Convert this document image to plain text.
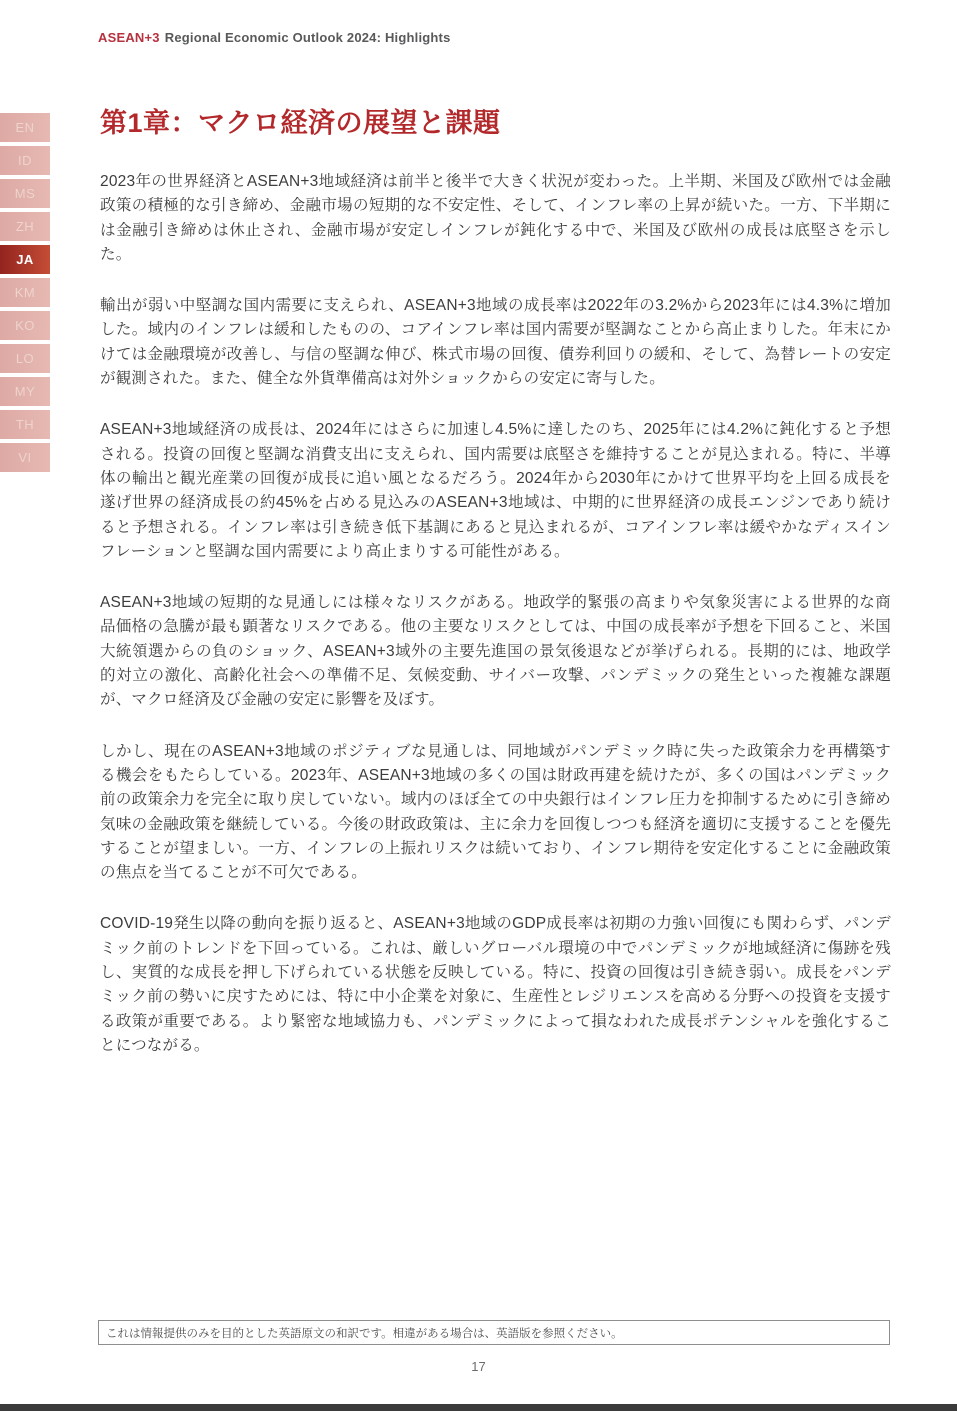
ASEAN+3 Regional Economic Outlook 2024: Highlights
EN
ID
MS
ZH
JA
KM
KO
LO
MY
TH
VI
第1章：マクロ経済の展望と課題

2023年の世界経済とASEAN+3地域経済は前半と後半で大きく状況が変わった。上半期、米国及び欧州では金融政策の積極的な引き締め、金融市場の短期的な不安定性、そして、インフレ率の上昇が続いた。一方、下半期には金融引き締めは休止され、金融市場が安定しインフレが鈍化する中で、米国及び欧州の成長は底堅さを示した。

輸出が弱い中堅調な国内需要に支えられ、ASEAN+3地域の成長率は2022年の3.2%から2023年には4.3%に増加した。域内のインフレは緩和したものの、コアインフレ率は国内需要が堅調なことから高止まりした。年末にかけては金融環境が改善し、与信の堅調な伸び、株式市場の回復、債券利回りの緩和、そして、為替レートの安定が観測された。また、健全な外貨準備高は対外ショックからの安定に寄与した。

ASEAN+3地域経済の成長は、2024年にはさらに加速し4.5%に達したのち、2025年には4.2%に鈍化すると予想される。投資の回復と堅調な消費支出に支えられ、国内需要は底堅さを維持することが見込まれる。特に、半導体の輸出と観光産業の回復が成長に追い風となるだろう。2024年から2030年にかけて世界平均を上回る成長を遂げ世界の経済成長の約45%を占める見込みのASEAN+3地域は、中期的に世界経済の成長エンジンであり続けると予想される。インフレ率は引き続き低下基調にあると見込まれるが、コアインフレ率は緩やかなディスインフレーションと堅調な国内需要により高止まりする可能性がある。

ASEAN+3地域の短期的な見通しには様々なリスクがある。地政学的緊張の高まりや気象災害による世界的な商品価格の急騰が最も顕著なリスクである。他の主要なリスクとしては、中国の成長率が予想を下回ること、米国大統領選からの負のショック、ASEAN+3域外の主要先進国の景気後退などが挙げられる。長期的には、地政学的対立の激化、高齢化社会への準備不足、気候変動、サイバー攻撃、パンデミックの発生といった複雑な課題が、マクロ経済及び金融の安定に影響を及ぼす。

しかし、現在のASEAN+3地域のポジティブな見通しは、同地域がパンデミック時に失った政策余力を再構築する機会をもたらしている。2023年、ASEAN+3地域の多くの国は財政再建を続けたが、多くの国はパンデミック前の政策余力を完全に取り戻していない。域内のほぼ全ての中央銀行はインフレ圧力を抑制するために引き締め気味の金融政策を継続している。今後の財政政策は、主に余力を回復しつつも経済を適切に支援することを優先することが望ましい。一方、インフレの上振れリスクは続いており、インフレ期待を安定化することに金融政策の焦点を当てることが不可欠である。

COVID-19発生以降の動向を振り返ると、ASEAN+3地域のGDP成長率は初期の力強い回復にも関わらず、パンデミック前のトレンドを下回っている。これは、厳しいグローバル環境の中でパンデミックが地域経済に傷跡を残し、実質的な成長を押し下げられている状態を反映している。特に、投資の回復は引き続き弱い。成長をパンデミック前の勢いに戻すためには、特に中小企業を対象に、生産性とレジリエンスを高める分野への投資を支援する政策が重要である。より緊密な地域協力も、パンデミックによって損なわれた成長ポテンシャルを強化することにつながる。

これは情報提供のみを目的とした英語原文の和訳です。相違がある場合は、英語版を参照ください。
17
